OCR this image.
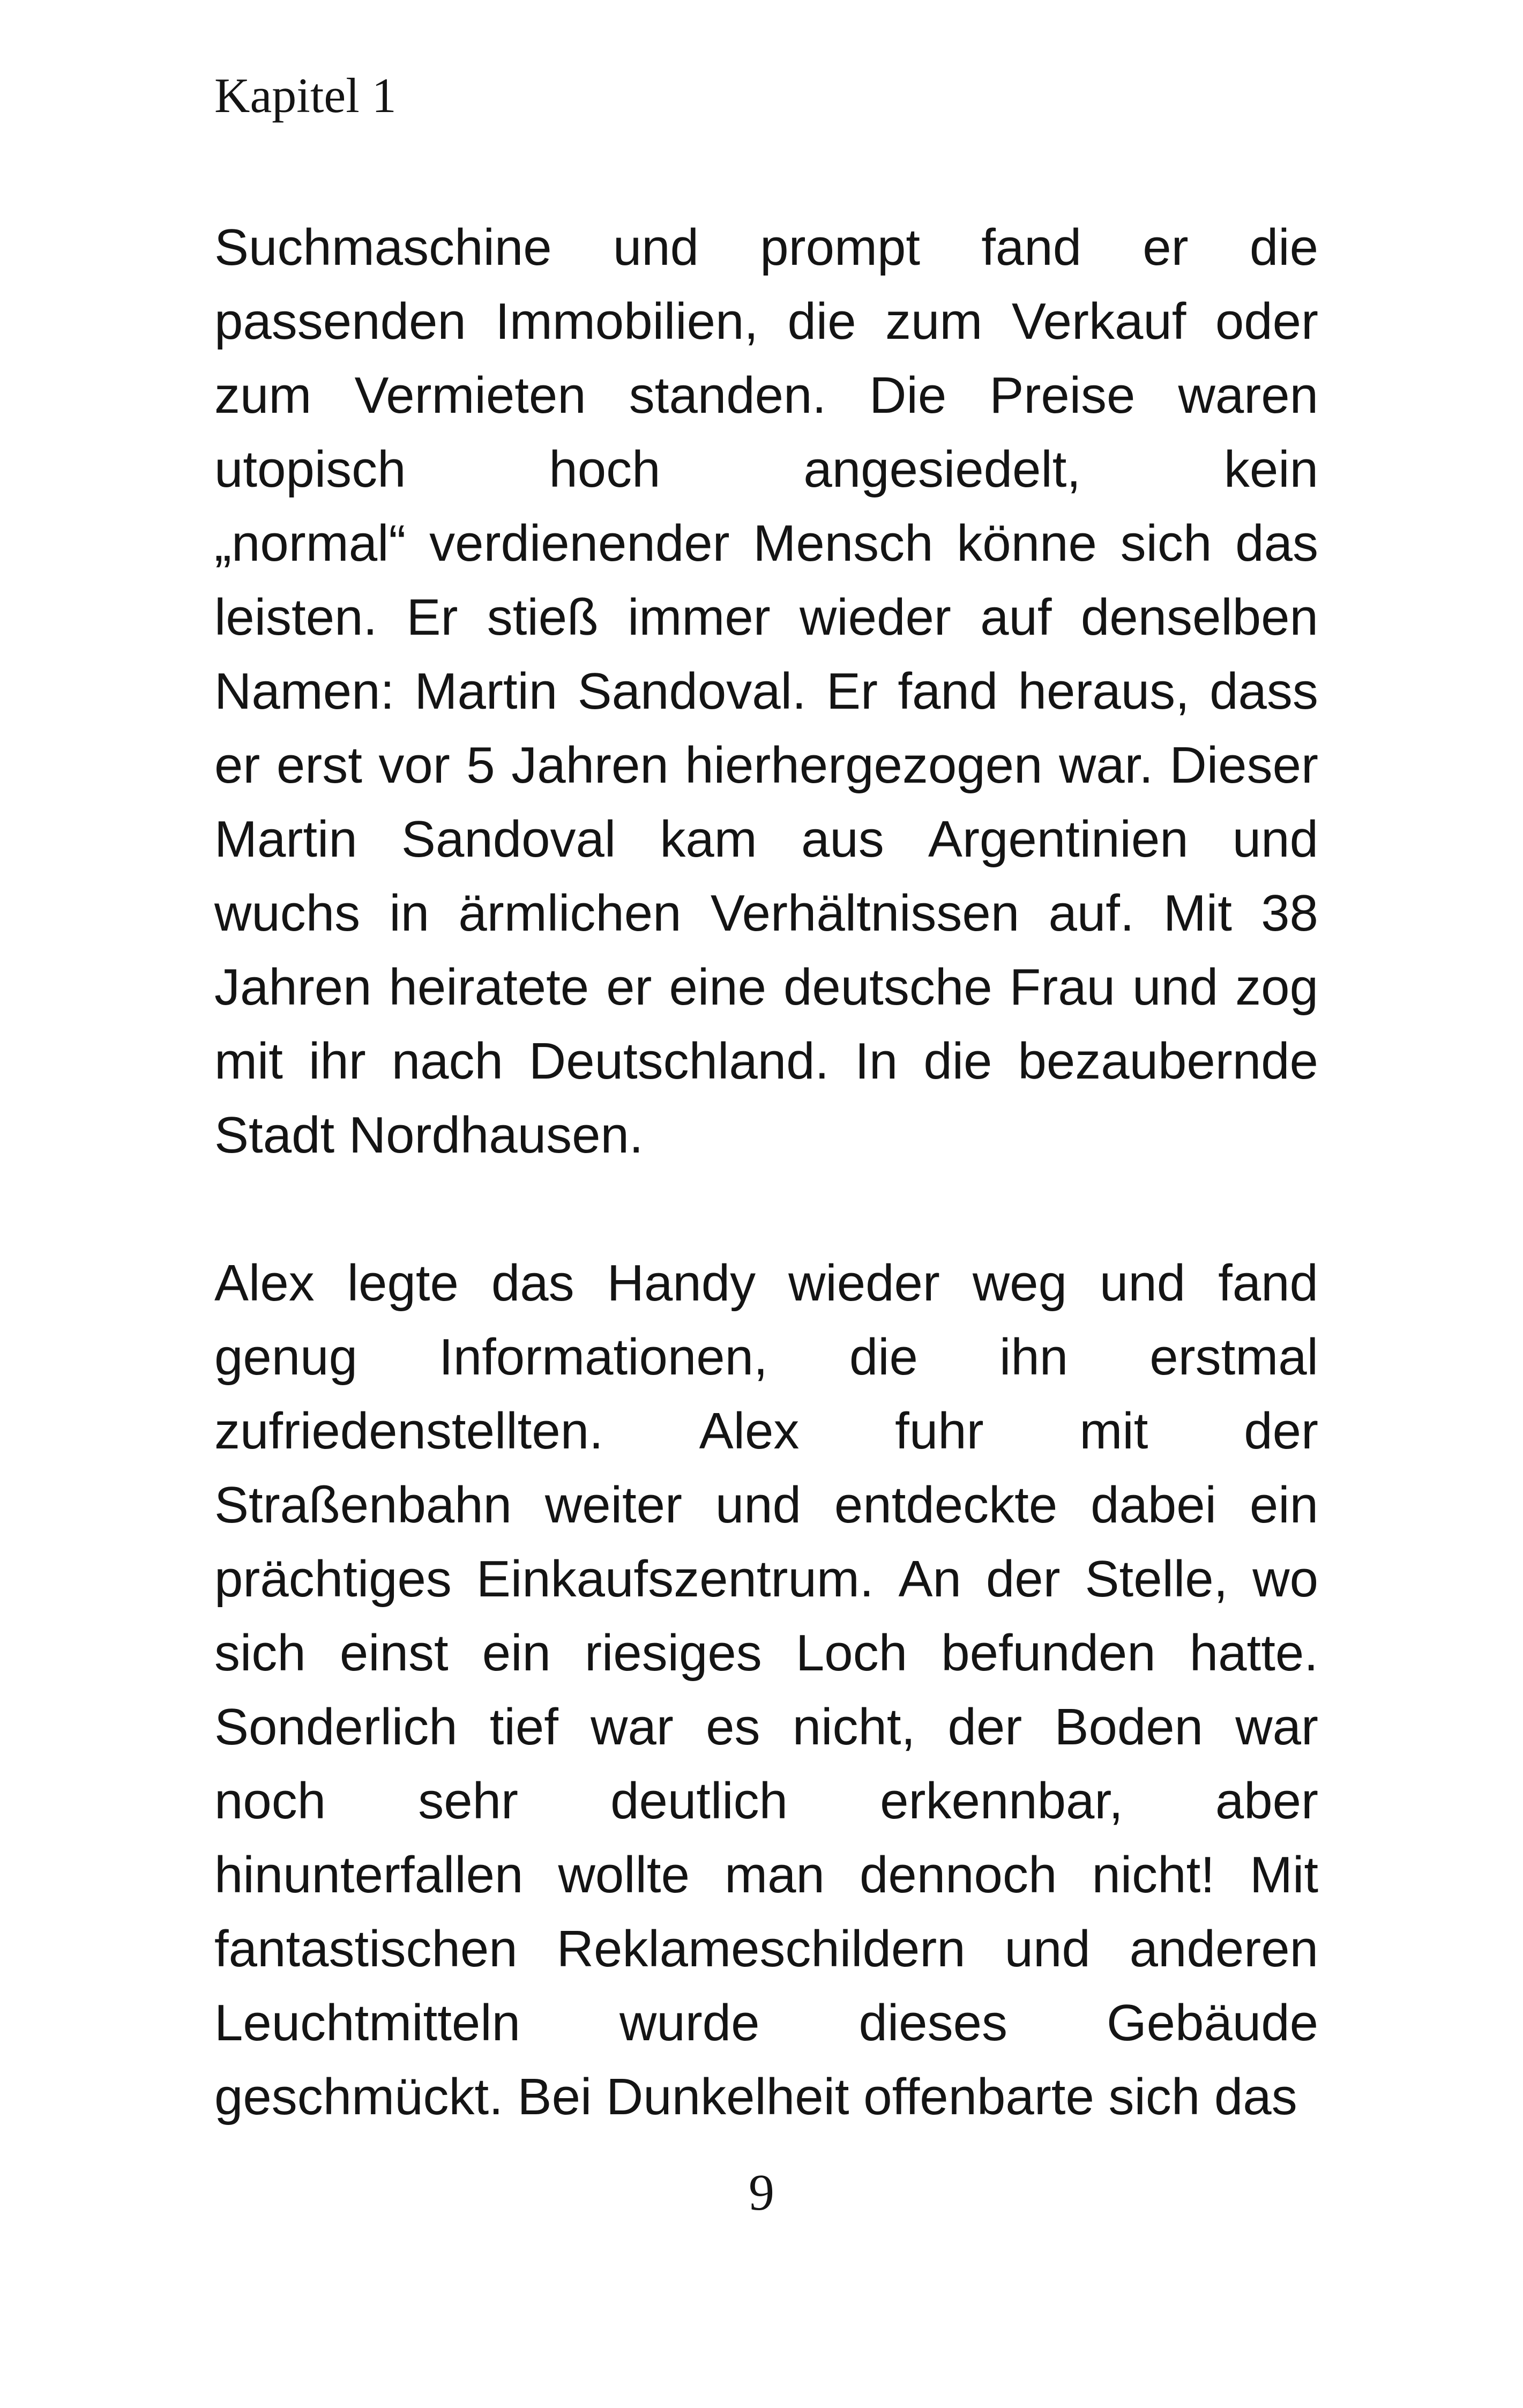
Kapitel 1

Suchmaschine und prompt fand er die
passenden Immobilien, die zum Verkauf oder
zum Vermieten standen. Die Preise waren
utopisch	hoch	angesiedelt,	kein
„normal“ verdienender Mensch könne sich das
leisten. Er stieß immer wieder auf denselben
Namen: Martin Sandoval. Er fand heraus, dass
er erst vor 5 Jahren hierhergezogen war. Dieser
Martin Sandoval kam aus Argentinien und
wuchs in ärmlichen Verhältnissen auf. Mit 38
Jahren heiratete er eine deutsche Frau und zog
mit ihr nach Deutschland. In die bezaubernde
Stadt Nordhausen.
Alex legte das Handy wieder weg und fand
genug Informationen, die ihn erstmal
zufriedenstellten. Alex fuhr mit der
Straßenbahn weiter und entdeckte dabei ein
prächtiges Einkaufszentrum. An der Stelle, wo
sich einst ein riesiges Loch befunden hatte.
Sonderlich tief war es nicht, der Boden war
noch sehr deutlich erkennbar, aber
hinunterfallen wollte man dennoch nicht! Mit
fantastischen Reklameschildern und anderen
Leuchtmitteln wurde dieses Gebäude
geschmückt. Bei Dunkelheit offenbarte sich das

9
